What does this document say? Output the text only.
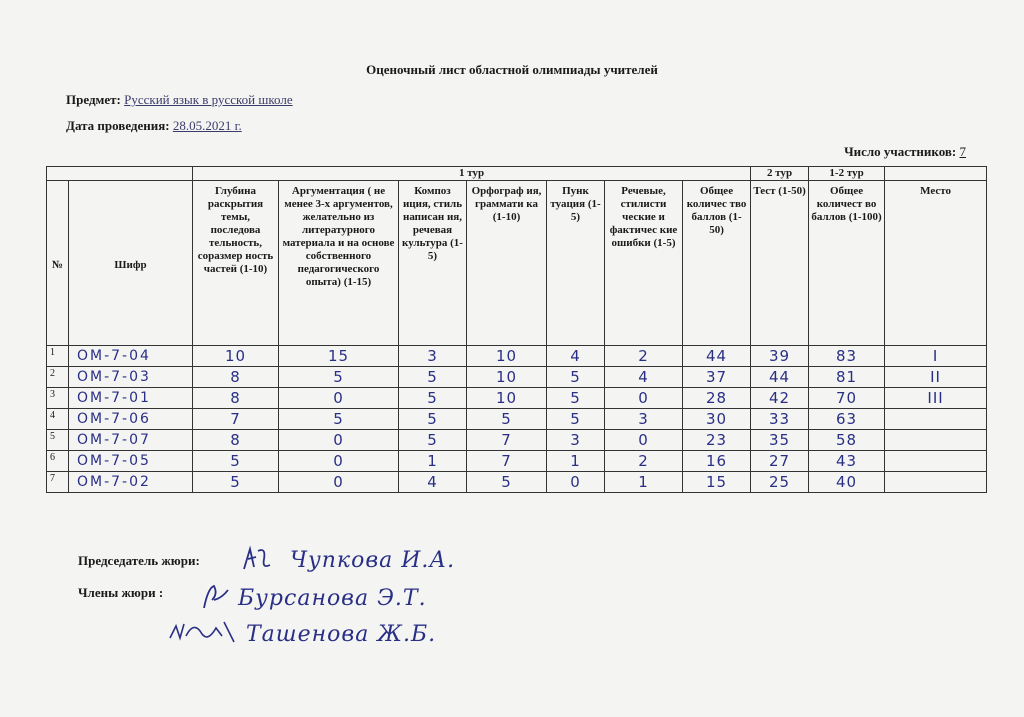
Оценочный лист областной олимпиады учителей
Предмет: Русский язык в русской школе
Дата проведения: 28.05.2021 г.
Число участников: 7
		1 тур							2 тур	1-2 тур	
№	Шифр	Глубина раскрытия темы, последова тельность, соразмер ность частей (1-10)	Аргументация ( не менее 3-х аргументов, желательно из литературного материала и на основе собственного педагогического опыта) (1-15)	Композ иция, стиль написан ия, речевая культура (1-5)	Орфограф ия, граммати ка (1-10)	Пунк туация (1-5)	Речевые, стилисти ческие и фактичес кие ошибки (1-5)	Общее количес тво баллов (1-50)	Тест (1-50)	Общее количест во баллов (1-100)	Место
1	ОМ-7-04	10	15	3	10	4	2	44	39	83	I
2	ОМ-7-03	8	5	5	10	5	4	37	44	81	II
3	ОМ-7-01	8	0	5	10	5	0	28	42	70	III
4	ОМ-7-06	7	5	5	5	5	3	30	33	63	
5	ОМ-7-07	8	0	5	7	3	0	23	35	58	
6	ОМ-7-05	5	0	1	7	1	2	16	27	43	
7	ОМ-7-02	5	0	4	5	0	1	15	25	40	
Председатель жюри:	Чупкова И.А.
Члены жюри :	Бурсанова Э.Т.
Ташенова Ж.Б.
